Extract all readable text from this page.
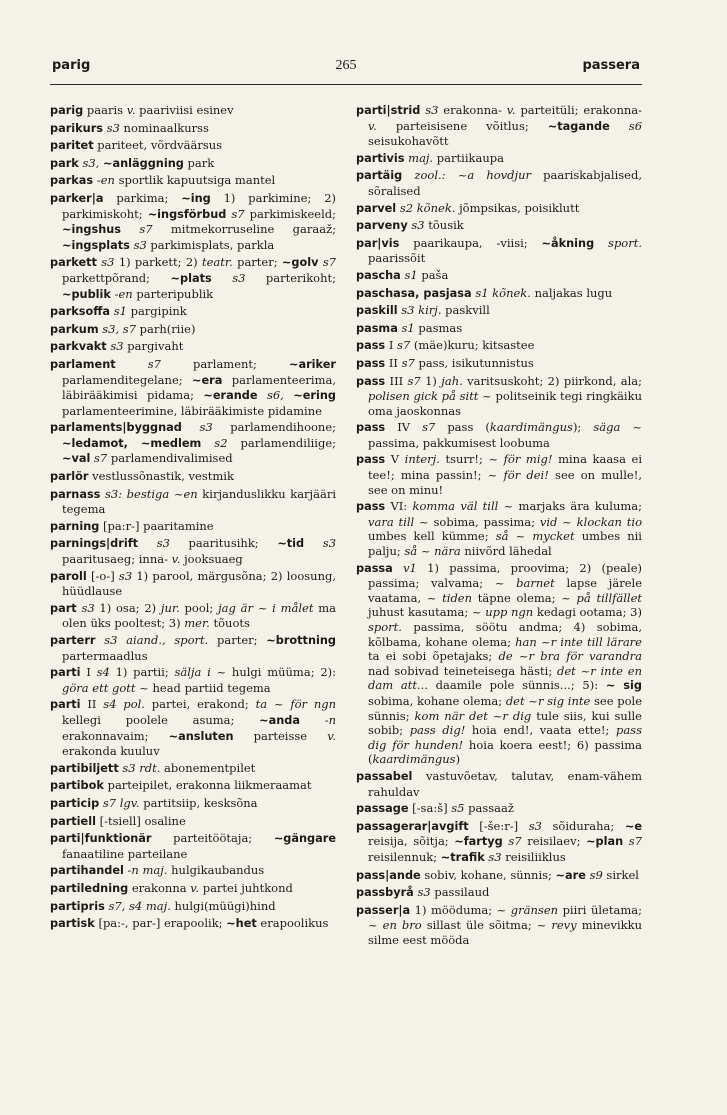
parig	265	passera

parig paaris v. paariviisi esinev

parikurs s3 nominaalkurss

paritet pariteet, võrdväärsus

park s3, ~anläggning park

parkas -en sportlik kapuutsiga mantel

parker|a parkima; ~ing 1) parkimine; 2) parkimiskoht; ~ingsförbud s7 parkimiskeeld; ~ingshus s7 mitmekorruseline garaaž; ~ingsplats s3 parkimisplats, parkla

parkett s3 1) parkett; 2) teatr. parter; ~golv s7 parkettpõrand; ~plats s3 parterikoht; ~publik -en parteripublik

parksoffa s1 pargipink

parkum s3, s7 parh(riie)

parkvakt s3 pargivaht

parlament	s7 parlament; ~ariker parlamenditegelane; ~era parlamenteerima, läbirääkimisi pidama; ~erande s6, ~ering parlamenteerimine, läbirääkimiste pidamine

parlaments|byggnad s3 parlamendihoone; ~ledamot, ~medlem s2 parlamendiliige; ~val s7 parlamendivalimised

parlör vestlussõnastik, vestmik

parnass s3: bestiga ~en kirjanduslikku karjääri tegema

parning [pa:r-] paaritamine

parnings|drift s3 paaritusihk; ~tid s3 paaritusaeg; inna- v. jooksuaeg

paroll [-o-] s3 1) parool, märgusõna; 2) loosung, hüüdlause

part s3 1) osa; 2) jur. pool; jag är ~ i målet ma olen üks pooltest; 3) mer. tõuots

parterr s3 aiand., sport. parter; ~brottning partermaadlus

parti I s4 1) partii; sälja i ~ hulgi müüma; 2): göra ett gott ~ head partiid tegema

parti II s4 pol. partei, erakond; ta ~ för ngn kellegi poolele asuma; ~anda -n erakonnavaim; ~ansluten parteisse v. erakonda kuuluv

partibiljett s3 rdt. abonementpilet

partibok parteipilet, erakonna liikmeraamat

particip s7 lgv. partitsiip, kesksõna

partiell [-tsiell] osaline

parti|funktionär parteitöötaja; ~gängare fanaatiline parteilane

partihandel -n maj. hulgikaubandus

partiledning erakonna v. partei juhtkond

partipris s7, s4 maj. hulgi(müügi)hind

partisk [pa:-, par-] erapoolik; ~het erapoolikus

parti|strid s3 erakonna- v. parteitüli; erakonna- v. parteisisene võitlus; ~tagande s6 seisukohavõtt

partivis maj. partiikaupa

partäig zool.: ~a hovdjur paariskabjalised, sõralised

parvel s2 kõnek. jõmpsikas, poisiklutt

parveny s3 tõusik

par|vis paarikaupa, -viisi; ~åkning sport. paarissõit

pascha s1 paša

paschasa, pasjasa s1 kõnek. naljakas lugu

paskill s3 kirj. paskvill

pasma s1 pasmas

pass I s7 (mäe)kuru; kitsastee

pass II s7 pass, isikutunnistus

pass III s7 1) jah. varitsuskoht; 2) piirkond, ala; polisen gick på sitt ~ politseinik tegi ringkäiku oma jaoskonnas

pass IV s7 pass (kaardimängus); säga ~ passima, pakkumisest loobuma

pass V interj. tsurr!; ~ för mig! mina kaasa ei tee!; mina passin!; ~ för dei! see on mulle!, see on minu!

pass VI: komma väl till ~ marjaks ära kuluma; vara till ~ sobima, passima; vid ~ klockan tio umbes kell kümme; så ~ mycket umbes nii palju; så ~ nära niivõrd lähedal

passa v1 1) passima, proovima; 2) (peale) passima; valvama; ~ barnet lapse järele vaatama, ~ tiden täpne olema; ~ på tillfället juhust kasutama; ~ upp ngn kedagi ootama; 3) sport. passima, söötu andma; 4) sobima, kõlbama, kohane olema; han ~r inte till lärare ta ei sobi õpetajaks; de ~r bra för varandra nad sobivad teineteisega hästi; det ~r inte en dam att... daamile pole sünnis...; 5): ~ sig sobima, kohane olema; det ~r sig inte see pole sünnis; kom när det ~r dig tule siis, kui sulle sobib; pass dig! hoia end!, vaata ette!; pass dig för hunden! hoia koera eest!; 6) passima (kaardimängus)

passabel vastuvõetav, talutav, enam-vähem rahuldav

passage [-sa:š] s5 passaaž

passagerar|avgift [-še:r-] s3 sõiduraha; ~e reisija, sõitja; ~fartyg s7 reisilaev; ~plan s7 reisilennuk; ~trafik s3 reisiliiklus

pass|ande sobiv, kohane, sünnis; ~are s9 sirkel

passbyrå s3 passilaud

passer|a 1) mööduma; ~ gränsen piiri ületama; ~ en bro sillast üle sõitma; ~ revy minevikku silme eest mööda
